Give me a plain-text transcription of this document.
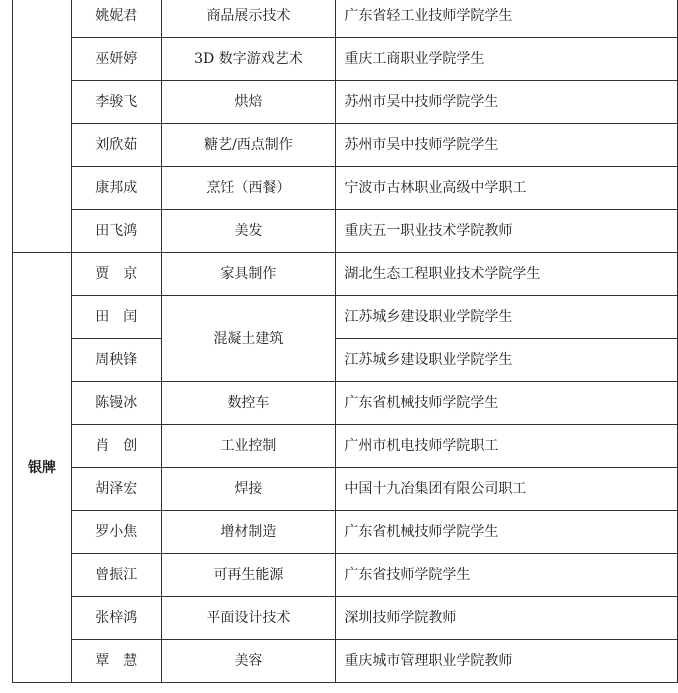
	姚妮君	商品展示技术	广东省轻工业技师学院学生
	巫妍婷	3D 数字游戏艺术	重庆工商职业学院学生
	李骏飞	烘焙	苏州市吴中技师学院学生
	刘欣茹	糖艺/西点制作	苏州市吴中技师学院学生
	康邦成	烹饪（西餐）	宁波市古林职业高级中学职工
	田飞鸿	美发	重庆五一职业技术学院教师
银牌	贾　京	家具制作	湖北生态工程职业技术学院学生
	田　闰	混凝土建筑	江苏城乡建设职业学院学生
	周秧锋		江苏城乡建设职业学院学生
	陈镘冰	数控车	广东省机械技师学院学生
	肖　创	工业控制	广州市机电技师学院职工
	胡泽宏	焊接	中国十九冶集团有限公司职工
	罗小焦	增材制造	广东省机械技师学院学生
	曾振江	可再生能源	广东省技师学院学生
	张梓鸿	平面设计技术	深圳技师学院教师
	覃　慧	美容	重庆城市管理职业学院教师
